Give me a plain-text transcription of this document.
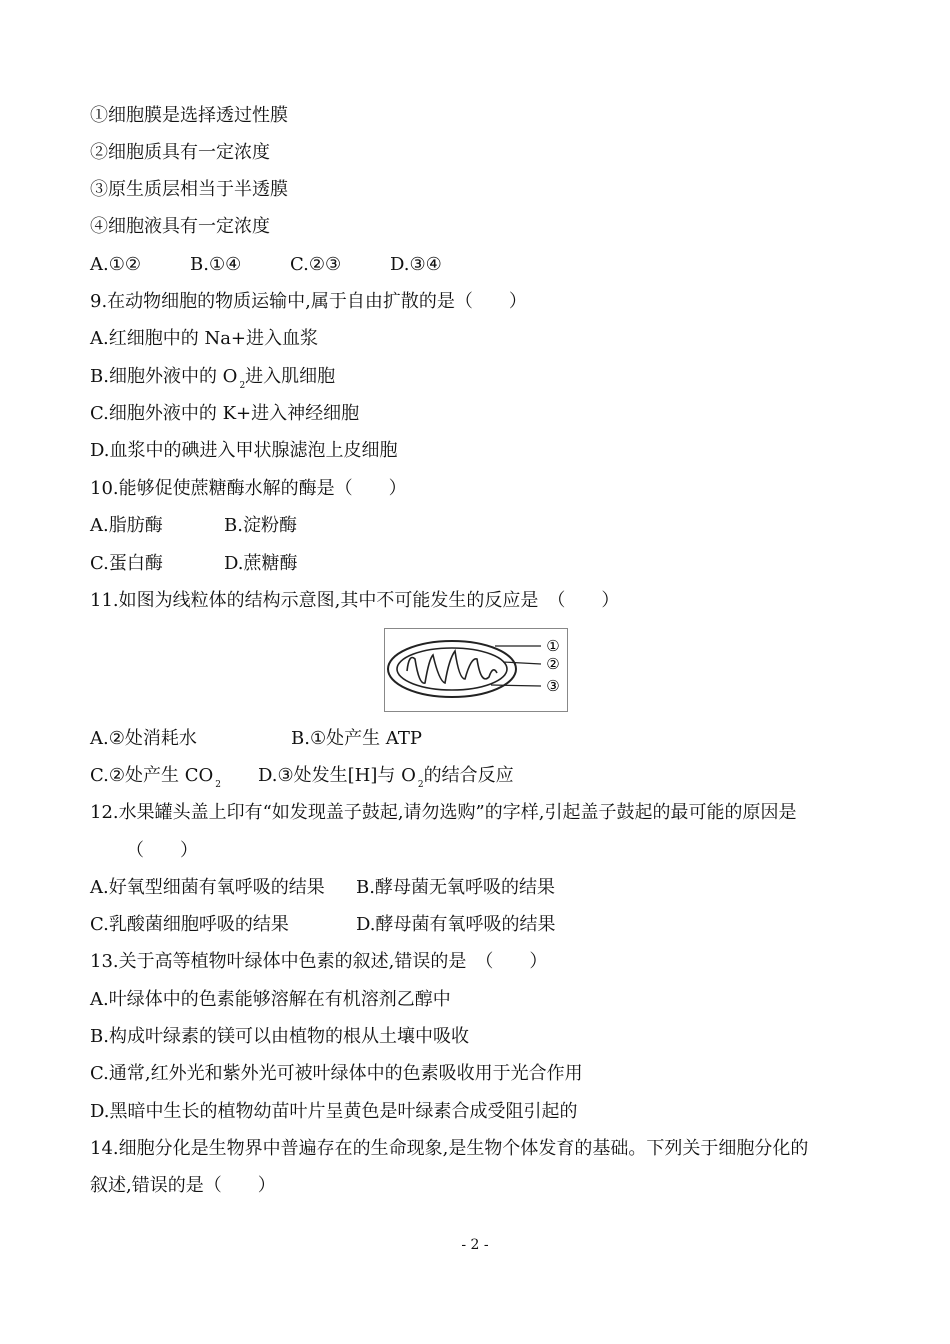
①细胞膜是选择透过性膜
②细胞质具有一定浓度
③原生质层相当于半透膜
④细胞液具有一定浓度
A.①②	B.①④	C.②③	D.③④
9.在动物细胞的物质运输中,属于自由扩散的是（　　）
A.红细胞中的 Na+进入血浆
B.细胞外液中的 O $_2$进入肌细胞
C.细胞外液中的 K+进入神经细胞
D.血浆中的碘进入甲状腺滤泡上皮细胞
10.能够促使蔗糖酶水解的酶是（　　）
A.脂肪酶	B.淀粉酶
C.蛋白酶	D.蔗糖酶
11.如图为线粒体的结构示意图,其中不可能发生的反应是　（　　）
①
②
③
A.②处消耗水	B.①处产生 ATP
C.②处产生 CO $_2$ D.③处发生[H]与 O $_2$的结合反应
12.水果罐头盖上印有“如发现盖子鼓起,请勿选购”的字样,引起盖子鼓起的最可能的原因是
（　　）
A.好氧型细菌有氧呼吸的结果 B.酵母菌无氧呼吸的结果
C.乳酸菌细胞呼吸的结果	D.酵母菌有氧呼吸的结果
13.关于高等植物叶绿体中色素的叙述,错误的是　（　　）
A.叶绿体中的色素能够溶解在有机溶剂乙醇中
B.构成叶绿素的镁可以由植物的根从土壤中吸收
C.通常,红外光和紫外光可被叶绿体中的色素吸收用于光合作用
D.黑暗中生长的植物幼苗叶片呈黄色是叶绿素合成受阻引起的
14.细胞分化是生物界中普遍存在的生命现象,是生物个体发育的基础。下列关于细胞分化的
叙述,错误的是（　　）
- 2 -
